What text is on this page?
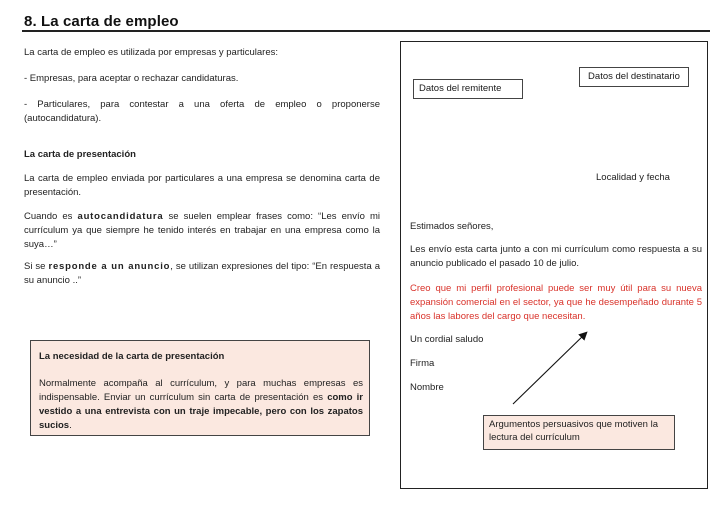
8. La carta de empleo
La carta de empleo es utilizada por empresas y particulares:
- Empresas, para aceptar o rechazar candidaturas.
- Particulares, para contestar a una oferta de empleo o proponerse (autocandidatura).
La carta de presentación
La carta de empleo enviada por particulares a una empresa se denomina carta de presentación.
Cuando es autocandidatura se suelen emplear frases como: “Les envío mi currículum ya que siempre he tenido interés en trabajar en una empresa como la suya…”
Si se responde a un anuncio, se utilizan expresiones del tipo: “En respuesta a su anuncio ..”
La necesidad de la carta de presentación
Normalmente acompaña al currículum, y para muchas empresas es indispensable. Enviar un currículum sin carta de presentación es como ir vestido a una entrevista con un traje impecable, pero con los zapatos sucios.
Datos del remitente
Datos del destinatario
Localidad y fecha
Estimados señores,
Les envío esta carta junto a con mi currículum como respuesta a su anuncio publicado el pasado 10 de julio.
Creo que mi perfil profesional puede ser muy útil para su nueva expansión comercial en el sector, ya que he desempeñado durante 5 años las labores del cargo que necesitan.
Un cordial saludo
Firma
Nombre
Argumentos persuasivos que motiven la lectura del currículum
